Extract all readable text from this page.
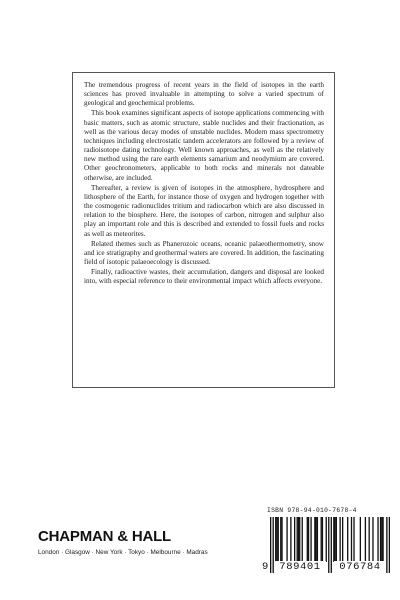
The tremendous progress of recent years in the field of isotopes in the earth sciences has proved invaluable in attempting to solve a varied spectrum of geological and geochemical problems.

This book examines significant aspects of isotope applications commencing with basic matters, such as atomic structure, stable nuclides and their fractionation, as well as the various decay modes of unstable nuclides. Modern mass spectrometry techniques including electrostatic tandem accelerators are followed by a review of radioisotope dating technology. Well known approaches, as well as the relatively new method using the rare earth elements samarium and neodymium are covered. Other geochronometers, applicable to both rocks and minerals not dateable otherwise, are included.

Thereafter, a review is given of isotopes in the atmosphere, hydrosphere and lithosphere of the Earth, for instance those of oxygen and hydrogen together with the cosmogenic radionuclides tritium and radiocarbon which are also discussed in relation to the biosphere. Here, the isotopes of carbon, nitrogen and sulphur also play an important role and this is described and extended to fossil fuels and rocks as well as meteorites.

Related themes such as Phanerozoic oceans, oceanic palaeothermometry, snow and ice stratigraphy and geothermal waters are covered. In addition, the fascinating field of isotopic palaeoecology is discussed.

Finally, radioactive wastes, their accumulation, dangers and disposal are looked into, with especial reference to their environmental impact which affects everyone.

CHAPMAN & HALL
London · Glasgow · New York · Tokyo · Melbourne · Madras
ISBN 978-94-010-7678-4
9	789401	076784
